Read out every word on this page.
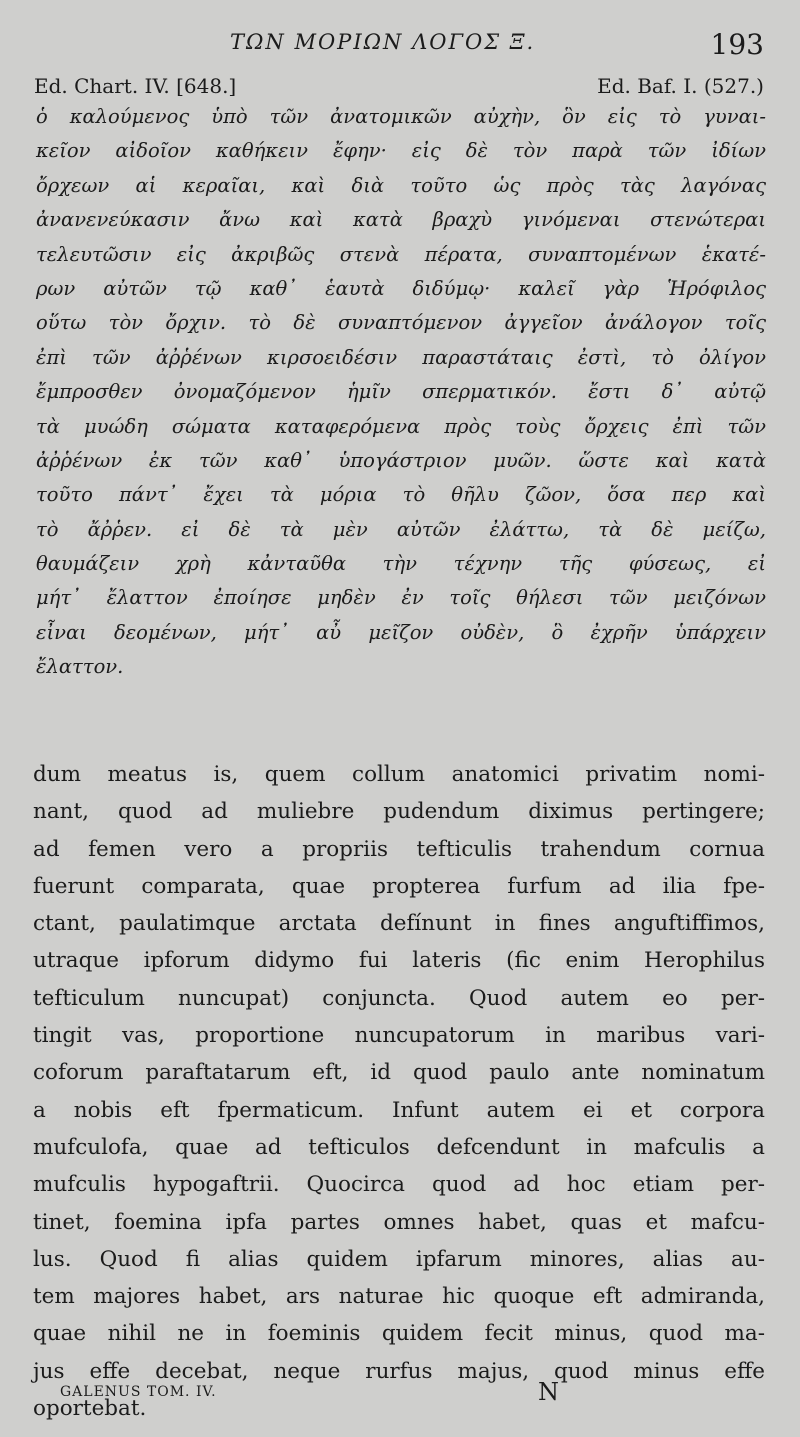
ΤΩΝ ΜΟΡΙΩΝ ΛΟΓΟΣ Ξ.	193
Ed. Chart. IV. [648.]	Ed. Baf. I. (527.)
ὁ καλούμενος ὑπὸ τῶν ἀνατομικῶν αὐχὴν, ὃν εἰς τὸ γυναι-
κεῖον αἰδοῖον καθήκειν ἔφην· εἰς δὲ τὸν παρὰ τῶν ἰδίων
ὄρχεων αἱ κεραῖαι, καὶ διὰ τοῦτο ὡς πρὸς τὰς λαγόνας
ἀνανενεύκασιν ἄνω καὶ κατὰ βραχὺ γινόμεναι στενώτεραι
τελευτῶσιν εἰς ἀκριβῶς στενὰ πέρατα, συναπτομένων ἑκατέ-
ρων αὐτῶν τῷ καθ᾽ ἑαυτὰ διδύμῳ· καλεῖ γὰρ Ἡρόφιλος
οὕτω τὸν ὄρχιν. τὸ δὲ συναπτόμενον ἀγγεῖον ἀνάλογον τοῖς
ἐπὶ τῶν ἀῤῥένων κιρσοειδέσιν παραστάταις ἐστὶ, τὸ ὀλίγον
ἔμπροσθεν ὀνομαζόμενον ἡμῖν σπερματικόν. ἔστι δ᾽ αὐτῷ
τὰ μυώδη σώματα καταφερόμενα πρὸς τοὺς ὄρχεις ἐπὶ τῶν
ἀῤῥένων ἐκ τῶν καθ᾽ ὑπογάστριον μυῶν. ὥστε καὶ κατὰ
τοῦτο πάντ᾽ ἔχει τὰ μόρια τὸ θῆλυ ζῶον, ὅσα περ καὶ
τὸ ἄῤῥεν. εἰ δὲ τὰ μὲν αὐτῶν ἐλάττω, τὰ δὲ μείζω,
θαυμάζειν χρὴ κἀνταῦθα τὴν τέχνην τῆς φύσεως, εἰ
μήτ᾽ ἔλαττον ἐποίησε μηδὲν ἐν τοῖς θήλεσι τῶν μειζόνων
εἶναι δεομένων, μήτ᾽ αὖ μεῖζον οὐδὲν, ὃ ἐχρῆν ὑπάρχειν
ἔλαττον.
dum meatus is, quem collum anatomici privatim nomi-
nant, quod ad muliebre pudendum diximus pertingere;
ad femen vero a propriis tefticulis trahendum cornua
fuerunt comparata, quae propterea furfum ad ilia fpe-
ctant, paulatimque arctata defínunt in fines anguftiffimos,
utraque ipforum didymo fui lateris (fic enim Herophilus
tefticulum nuncupat) conjuncta. Quod autem eo per-
tingit vas, proportione nuncupatorum in maribus vari-
coforum paraftatarum eft, id quod paulo ante nominatum
a nobis eft fpermaticum. Infunt autem ei et corpora
mufculofa, quae ad tefticulos defcendunt in mafculis a
mufculis hypogaftrii. Quocirca quod ad hoc etiam per-
tinet, foemina ipfa partes omnes habet, quas et mafcu-
lus. Quod fi alias quidem ipfarum minores, alias au-
tem majores habet, ars naturae hic quoque eft admiranda,
quae nihil ne in foeminis quidem fecit minus, quod ma-
jus effe decebat, neque rurfus majus, quod minus effe
oportebat.
GALENUS TOM. IV.	N
